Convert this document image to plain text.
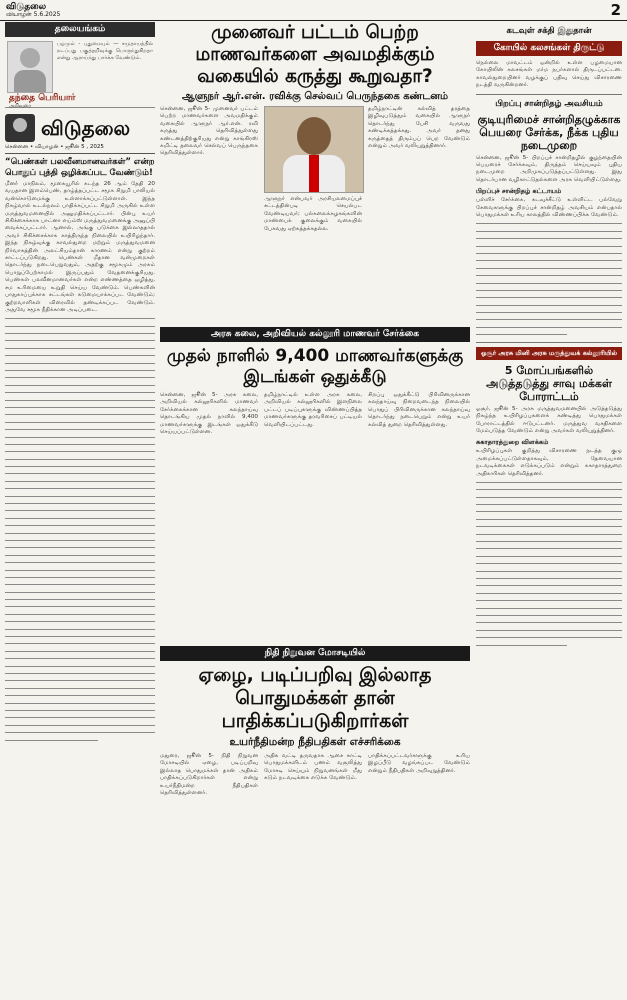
விடுதலை
வியாழன் 5.6.2025	2
தலையங்கம்
பழமும் - புதுமையும் — சமுதாயத்தில் நடப்பது பகுத்தறிவுக்கு பொருந்துகிறதா என்று ஆராய்ந்து பார்க்க வேண்டும்.
தந்தை பெரியார்
அறிவுரை
விடுதலை
சென்னை • வியாழன் • ஜூன் 5 , 2025
“பெண்கள் பலவீனமானவர்கள்” என்ற பொதுப் புத்தி ஒழிக்கப்பட வேண்டும்!
மீனா் மாநிலம், மூகையூரில் கடந்த 26 ஆம் தேதி 20 வயதான இளம்பெண், தாழ்த்தப்பட்ட சமூக சிறுமி பாலியல் வன்கொடுமைக்கு உள்ளாக்கப்பட்டுள்ளாள். இந்த நிகழ்வால் உடல்நலம் பாதிக்கப்பட்ட சிறுமி அருகில் உள்ள மருத்துவமனையில் அனுமதிக்கப்பட்டார். பின்பு உயர் சிகிச்சைக்காக பாட்னா எய்ம்ஸ் மருத்துவமனைக்கு அனுப்பி வைக்கப்பட்டார். ஆனால், அங்கு படுக்கை இல்லாததால் அவர் சிகிச்சைக்காக காத்திருந்த நிலையில் உயிரிழந்தார். இந்த நிகழ்வுக்கு காவல்துறை மற்றும் மருத்துவமனை நிர்வாகத்தின் அலட்சியம்தான் காரணம் என்று குற்றம் சாட்டப்படுகிறது. பெண்கள் மீதான வன்முறைகள் தொடர்ந்து நடைபெறுவதும், அதற்கு சமூகமும் அரசும் பொறுப்பேற்காமல் இருப்பதும் வேதனைக்குரியது. பெண்கள் பலவீனமானவர்கள் என்ற எண்ணத்தை ஒழித்து, சம உரிமையை உறுதி செய்ய வேண்டும். பெண்களின் பாதுகாப்புக்காக சட்டங்கள் கடுமையாக்கப்பட வேண்டும்; குற்றவாளிகள் விரைவில் தண்டிக்கப்பட வேண்டும். அதுவே சமூக நீதிக்கான அடிப்படை.
முனைவர் பட்டம் பெற்ற மாணவர்களை அவமதிக்கும் வகையில் கருத்து கூறுவதா?
ஆளுநர் ஆர்.என். ரவிக்கு செல்வப் பெருந்தகை கண்டனம்
சென்னை, ஜூன் 5- முனைவர் பட்டம் பெற்ற மாணவர்களை அவமதிக்கும் வகையில் ஆளுநர் ஆர்.என். ரவி கருத்து தெரிவித்துள்ளது கண்டனத்திற்குரியது என்று காங்கிரஸ் கமிட்டி தலைவர் செல்வப் பெருந்தகை தெரிவித்துள்ளார்.
ஆளுநர் என்பவர் அரசியலமைப்புச் சட்டத்தின்படி செயல்பட வேண்டியவர்; பல்கலைக்கழகங்களின் மாண்பைக் குலைக்கும் வகையில் பேசுவது ஏற்கத்தக்கதல்ல.
தமிழ்நாட்டின் கல்வித் தரத்தை இழிவுபடுத்தும் வகையில் ஆளுநர் தொடர்ந்து பேசி வருவது கண்டிக்கத்தக்கது. அவர் தனது கருத்தைத் திரும்பப் பெற வேண்டும் என்றும் அவர் வலியுறுத்தினார்.
அரசு கலை, அறிவியல் கல்லூரி மாணவர் சேர்க்கை
முதல் நாளில் 9,400 மாணவர்களுக்கு இடங்கள் ஒதுக்கீடு
சென்னை, ஜூன் 5- அரசு கலை, அறிவியல் கல்லூரிகளில் மாணவர் சேர்க்கைக்கான கலந்தாய்வு தொடங்கிய முதல் நாளில் 9,400 மாணவர்களுக்கு இடங்கள் ஒதுக்கீடு செய்யப்பட்டுள்ளன.
தமிழ்நாட்டில் உள்ள அரசு கலை, அறிவியல் கல்லூரிகளில் இளநிலை பட்டப் படிப்புகளுக்கு விண்ணப்பித்த மாணவர்களுக்கு தரவரிசைப் பட்டியல் வெளியிடப்பட்டது.
சிறப்பு ஒதுக்கீட்டு பிரிவினருக்கான கலந்தாய்வு நிறைவடைந்த நிலையில் பொதுப் பிரிவினருக்கான கலந்தாய்வு தொடர்ந்து நடைபெறும் என்று உயர் கல்வித் துறை தெரிவித்துள்ளது.
நிதி நிறுவன மோசடியில்
ஏழை, படிப்பறிவு இல்லாத பொதுமக்கள் தான் பாதிக்கப்படுகிறார்கள்
உயர்நீதிமன்ற நீதிபதிகள் எச்சரிக்கை
மதுரை, ஜூன் 5- நிதி நிறுவன மோசடியில் ஏழை, படிப்பறிவு இல்லாத பொதுமக்கள் தான் அதிகம் பாதிக்கப்படுகிறார்கள் என்று உயர்நீதிமன்ற நீதிபதிகள் தெரிவித்துள்ளனர்.
அதிக வட்டி தருவதாக ஆசை காட்டி பொதுமக்களிடம் பணம் வசூலித்து மோசடி செய்யும் நிறுவனங்கள் மீது கடும் நடவடிக்கை எடுக்க வேண்டும்.
பாதிக்கப்பட்டவர்களுக்கு உரிய இழப்பீடு வழங்கப்பட வேண்டும் என்றும் நீதிபதிகள் அறிவுறுத்தினர்.
கடவுள் சக்தி இதுதான்
கோயில் கலசங்கள் திருட்டு
நெல்லை மாவட்டம் ஒன்றில் உள்ள பழமையான கோயிலின் கலசங்கள் மர்ம நபர்களால் திருடப்பட்டன. காவல்துறையினர் வழக்குப் பதிவு செய்து விசாரணை நடத்தி வருகின்றனர்.
பிறப்பு சான்றிதழ் அவசியம்
குடியுரிமைச் சான்றிதழுக்காக பெயரை சேர்க்க, நீக்க புதிய நடைமுறை
சென்னை, ஜூன் 5- பிறப்புச் சான்றிதழில் குழந்தையின் பெயரைச் சேர்க்கவும், திருத்தம் செய்யவும் புதிய நடைமுறை அறிமுகப்படுத்தப்பட்டுள்ளது. இது தொடர்பான வழிகாட்டுதல்களை அரசு வெளியிட்டுள்ளது.
பிறப்புச் சான்றிதழ் கட்டாயம்
பள்ளிச் சேர்க்கை, கடவுச்சீட்டு உள்ளிட்ட பல்வேறு சேவைகளுக்கு பிறப்புச் சான்றிதழ் அவசியம் என்பதால் பொதுமக்கள் உரிய காலத்தில் விண்ணப்பிக்க வேண்டும்.
ஓசூர் அரசு மினி அரசு மருத்துவக் கல்லூரியில்
5 மோப்பங்களில் அடுத்தடுத்து சாவு மக்கள் போராட்டம்
ஓசூர், ஜூன் 5- அரசு மருத்துவமனையில் அடுத்தடுத்து நிகழ்ந்த உயிரிழப்புகளைக் கண்டித்து பொதுமக்கள் போராட்டத்தில் ஈடுபட்டனர். மருத்துவ வசதிகளை மேம்படுத்த வேண்டும் என்று அவர்கள் வலியுறுத்தினர்.
சுகாதாரத்துறை விளக்கம்
உயிரிழப்புகள் குறித்து விசாரணை நடத்த குழு அமைக்கப்பட்டுள்ளதாகவும், தேவையான நடவடிக்கைகள் எடுக்கப்படும் என்றும் சுகாதாரத்துறை அதிகாரிகள் தெரிவித்தனர்.
